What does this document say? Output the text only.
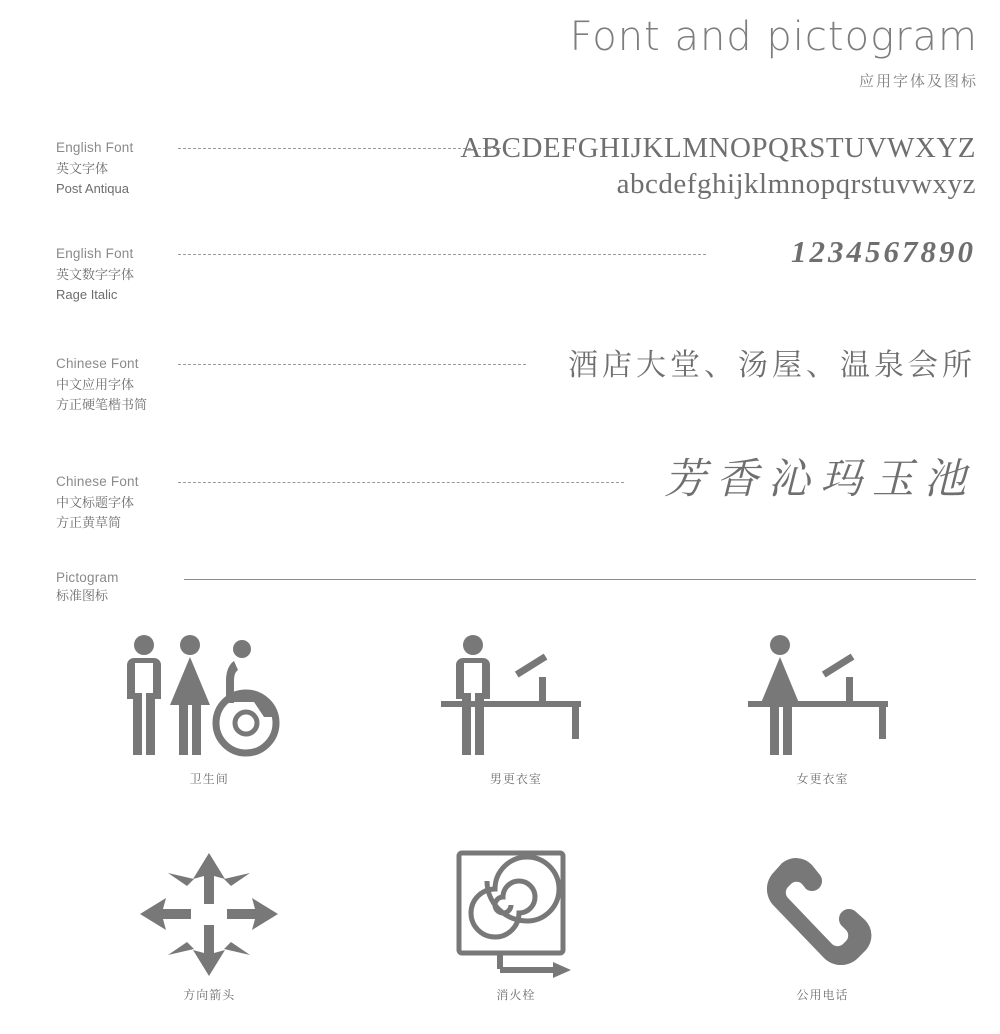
Font and pictogram
应用字体及图标
English Font
英文字体
Post Antiqua
ABCDEFGHIJKLMNOPQRSTUVWXYZ
abcdefghijklmnopqrstuvwxyz
English Font
英文数字字体
Rage Italic
1234567890
Chinese Font
中文应用字体
方正硬笔楷书简
酒店大堂、汤屋、温泉会所
Chinese Font
中文标题字体
方正黄草简
芳香沁玛玉池
Pictogram
标准图标
卫生间	男更衣室	女更衣室
方向箭头	消火栓	公用电话
